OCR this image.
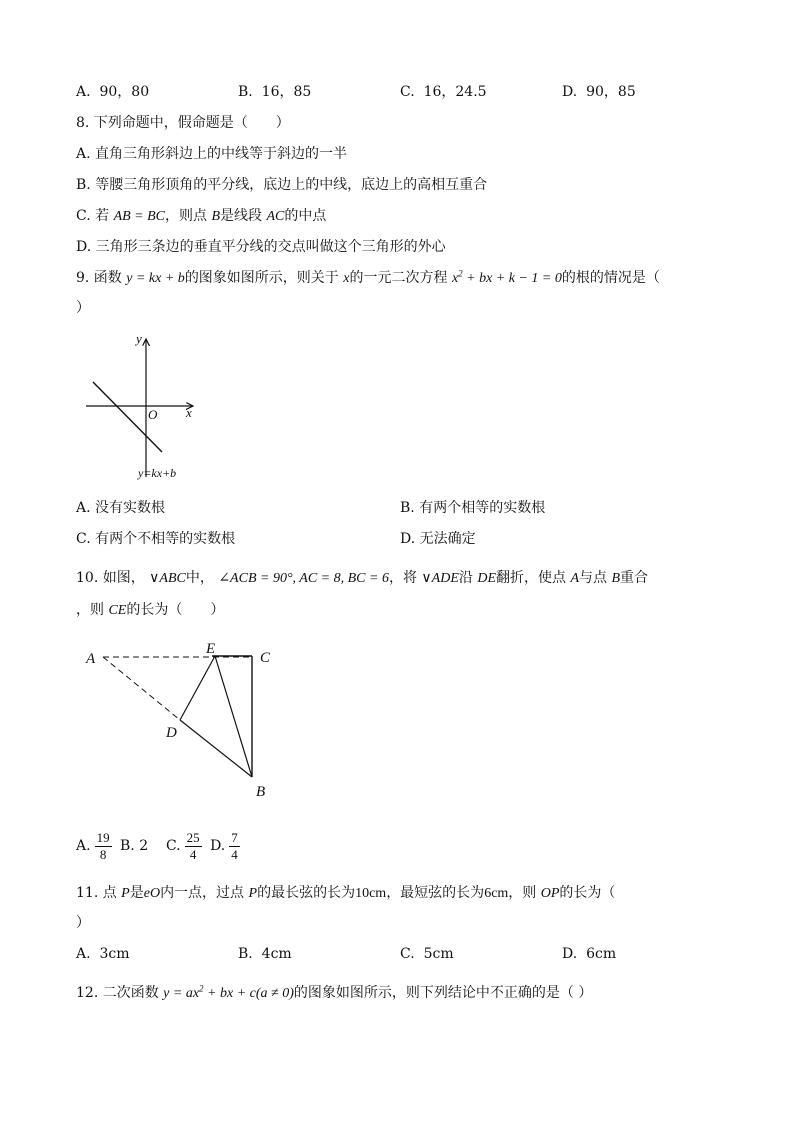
A. 90，80	B. 16，85	C. 16，24.5	D. 90，85
8. 下列命题中，假命题是（　　）
A. 直角三角形斜边上的中线等于斜边的一半
B. 等腰三角形顶角的平分线，底边上的中线，底边上的高相互重合
C. 若 AB = BC，则点 B是线段 AC的中点
D. 三角形三条边的垂直平分线的交点叫做这个三角形的外心
9. 函数 y = kx + b的图象如图所示，则关于 x的一元二次方程 $x^2$ + bx + k − 1 = 0的根的情况是（
）
y
x
O
y=kx+b
A. 没有实数根	B. 有两个相等的实数根
C. 有两个不相等的实数根	D. 无法确定
10. 如图， ∨ABC中， ∠ACB = 90°, AC = 8, BC = 6，将 ∨ADE沿 DE翻折，使点 A与点 B重合
，则 CE的长为（　　）
A
E
C
D
B
A. $\frac{19}{8} B$. 2 C. $\frac{25}{4} D$. $\frac{7}{4}$
11. 点 P是eO内一点，过点 P的最长弦的长为10cm，最短弦的长为6cm，则 OP的长为（
）
A. 3cm	B. 4cm	C. 5cm	D. 6cm
12. 二次函数 $y = ax^2$ + bx + c(a ≠ 0)的图象如图所示，则下列结论中不正确的是（ ）
